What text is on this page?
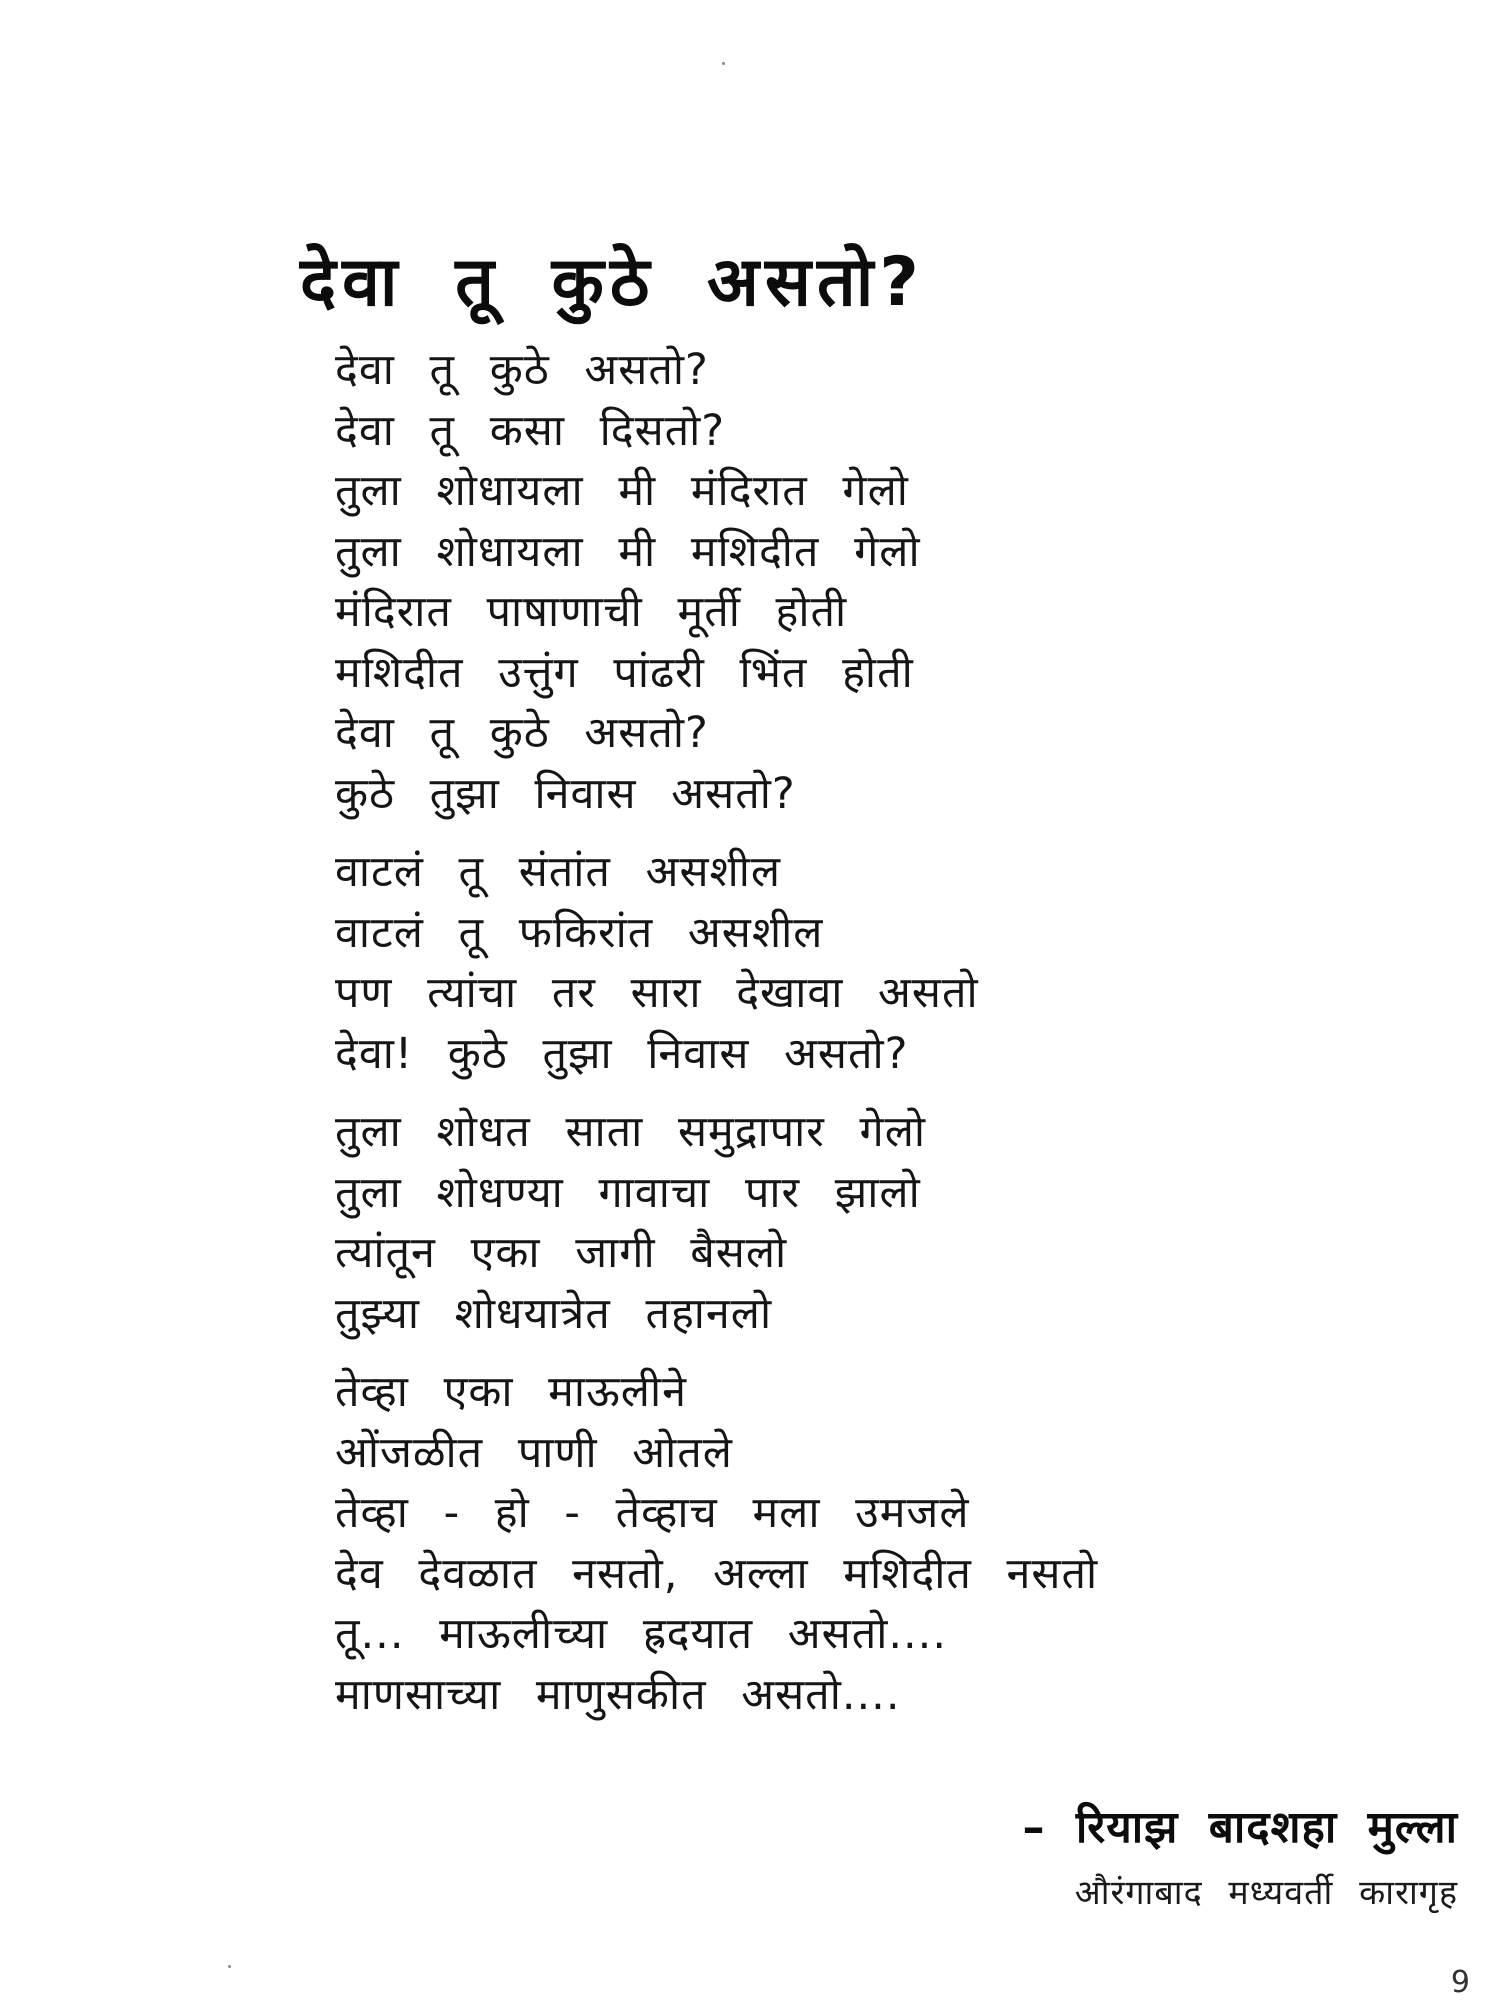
देवा तू कुठे असतो?
देवा तू कुठे असतो?
देवा तू कसा दिसतो?
तुला शोधायला मी मंदिरात गेलो
तुला शोधायला मी मशिदीत गेलो
मंदिरात पाषाणाची मूर्ती होती
मशिदीत उत्तुंग पांढरी भिंत होती
देवा तू कुठे असतो?
कुठे तुझा निवास असतो?
वाटलं तू संतांत असशील
वाटलं तू फकिरांत असशील
पण त्यांचा तर सारा देखावा असतो
देवा! कुठे तुझा निवास असतो?
तुला शोधत साता समुद्रापार गेलो
तुला शोधण्या गावाचा पार झालो
त्यांतून एका जागी बैसलो
तुझ्या शोधयात्रेत तहानलो
तेव्हा एका माऊलीने
ओंजळीत पाणी ओतले
तेव्हा - हो - तेव्हाच मला उमजले
देव देवळात नसतो, अल्ला मशिदीत नसतो
तू... माऊलीच्या ह्रदयात असतो....
माणसाच्या माणुसकीत असतो....
– रियाझ बादशहा मुल्ला
औरंगाबाद मध्यवर्ती कारागृह
9
